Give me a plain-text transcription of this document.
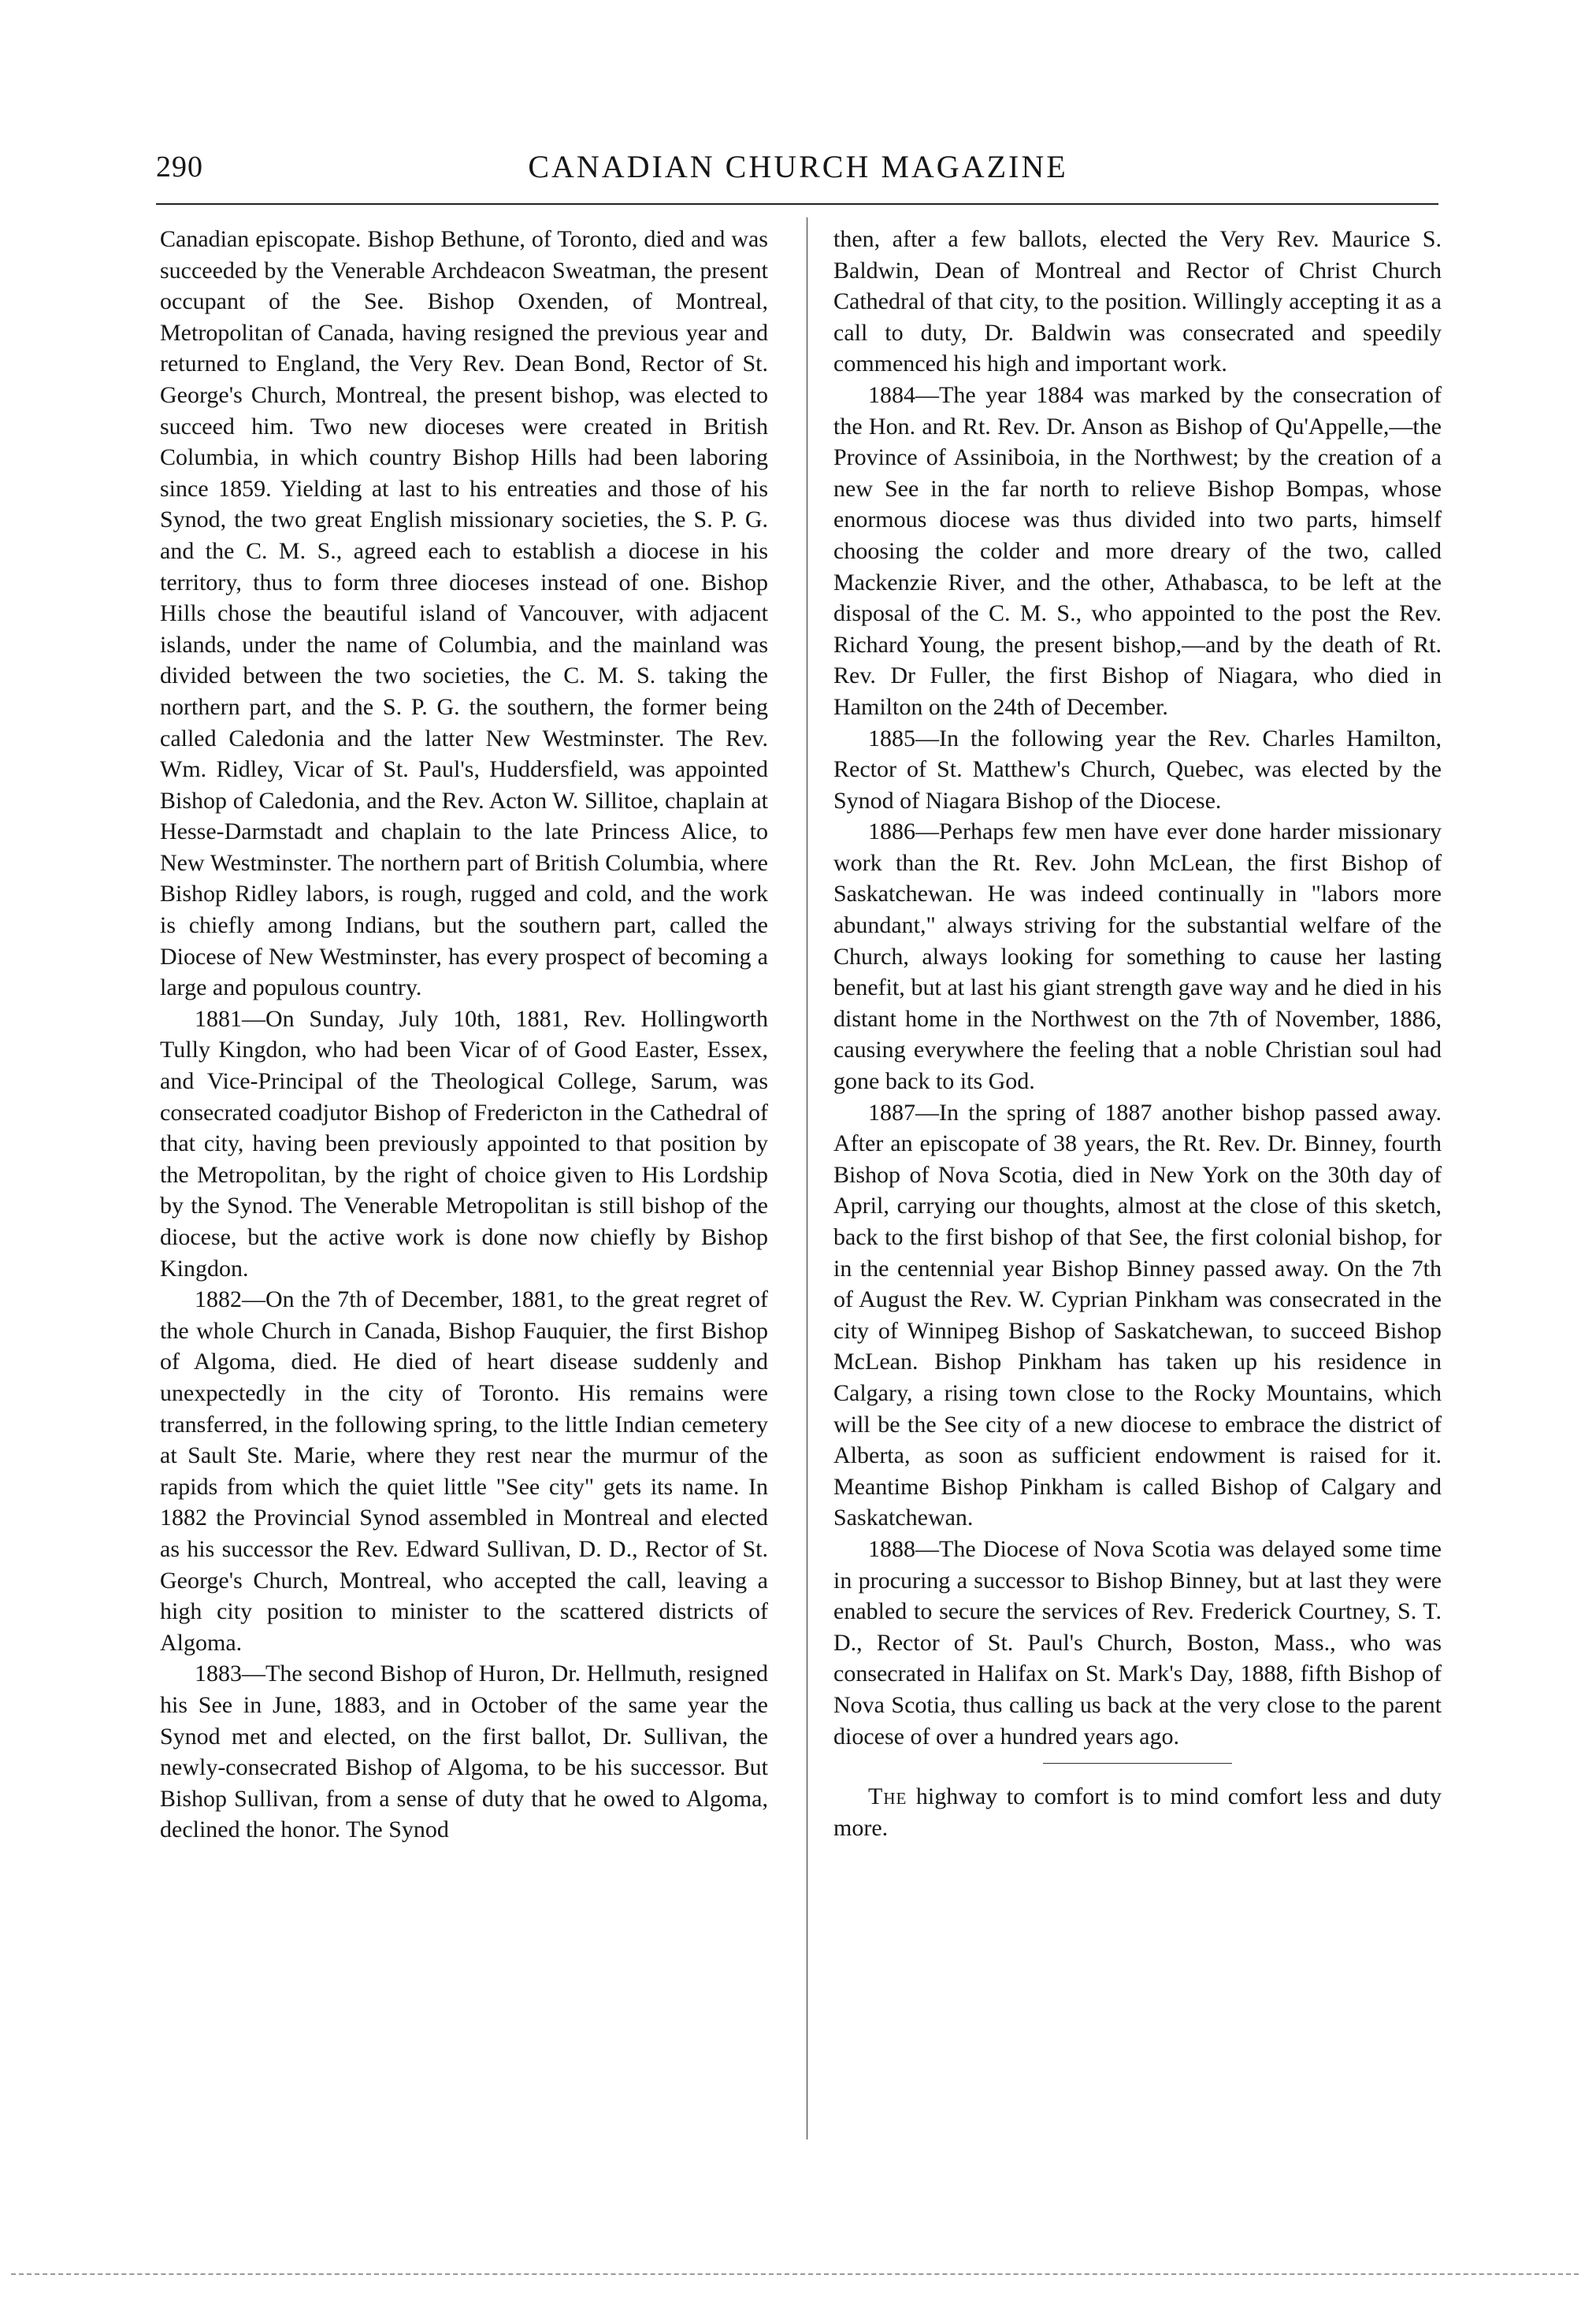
290	CANADIAN CHURCH MAGAZINE

Canadian episcopate. Bishop Bethune, of Toronto, died and was succeeded by the Venerable Archdeacon Sweatman, the present occupant of the See. Bishop Oxenden, of Montreal, Metropolitan of Canada, having resigned the previous year and returned to England, the Very Rev. Dean Bond, Rector of St. George's Church, Montreal, the present bishop, was elected to succeed him. Two new dioceses were created in British Columbia, in which country Bishop Hills had been laboring since 1859. Yielding at last to his entreaties and those of his Synod, the two great English missionary societies, the S. P. G. and the C. M. S., agreed each to establish a diocese in his territory, thus to form three dioceses instead of one. Bishop Hills chose the beautiful island of Vancouver, with adjacent islands, under the name of Columbia, and the mainland was divided between the two societies, the C. M. S. taking the northern part, and the S. P. G. the southern, the former being called Caledonia and the latter New Westminster. The Rev. Wm. Ridley, Vicar of St. Paul's, Huddersfield, was appointed Bishop of Caledonia, and the Rev. Acton W. Sillitoe, chaplain at Hesse-Darmstadt and chaplain to the late Princess Alice, to New Westminster. The northern part of British Columbia, where Bishop Ridley labors, is rough, rugged and cold, and the work is chiefly among Indians, but the southern part, called the Diocese of New Westminster, has every prospect of becoming a large and populous country.

1881—On Sunday, July 10th, 1881, Rev. Hollingworth Tully Kingdon, who had been Vicar of of Good Easter, Essex, and Vice-Principal of the Theological College, Sarum, was consecrated coadjutor Bishop of Fredericton in the Cathedral of that city, having been previously appointed to that position by the Metropolitan, by the right of choice given to His Lordship by the Synod. The Venerable Metropolitan is still bishop of the diocese, but the active work is done now chiefly by Bishop Kingdon.

1882—On the 7th of December, 1881, to the great regret of the whole Church in Canada, Bishop Fauquier, the first Bishop of Algoma, died. He died of heart disease suddenly and unexpectedly in the city of Toronto. His remains were transferred, in the following spring, to the little Indian cemetery at Sault Ste. Marie, where they rest near the murmur of the rapids from which the quiet little "See city" gets its name. In 1882 the Provincial Synod assembled in Montreal and elected as his successor the Rev. Edward Sullivan, D. D., Rector of St. George's Church, Montreal, who accepted the call, leaving a high city position to minister to the scattered districts of Algoma.

1883—The second Bishop of Huron, Dr. Hellmuth, resigned his See in June, 1883, and in October of the same year the Synod met and elected, on the first ballot, Dr. Sullivan, the newly-consecrated Bishop of Algoma, to be his successor. But Bishop Sullivan, from a sense of duty that he owed to Algoma, declined the honor. The Synod

then, after a few ballots, elected the Very Rev. Maurice S. Baldwin, Dean of Montreal and Rector of Christ Church Cathedral of that city, to the position. Willingly accepting it as a call to duty, Dr. Baldwin was consecrated and speedily commenced his high and important work.

1884—The year 1884 was marked by the consecration of the Hon. and Rt. Rev. Dr. Anson as Bishop of Qu'Appelle,—the Province of Assiniboia, in the Northwest; by the creation of a new See in the far north to relieve Bishop Bompas, whose enormous diocese was thus divided into two parts, himself choosing the colder and more dreary of the two, called Mackenzie River, and the other, Athabasca, to be left at the disposal of the C. M. S., who appointed to the post the Rev. Richard Young, the present bishop,—and by the death of Rt. Rev. Dr Fuller, the first Bishop of Niagara, who died in Hamilton on the 24th of December.

1885—In the following year the Rev. Charles Hamilton, Rector of St. Matthew's Church, Quebec, was elected by the Synod of Niagara Bishop of the Diocese.

1886—Perhaps few men have ever done harder missionary work than the Rt. Rev. John McLean, the first Bishop of Saskatchewan. He was indeed continually in "labors more abundant," always striving for the substantial welfare of the Church, always looking for something to cause her lasting benefit, but at last his giant strength gave way and he died in his distant home in the Northwest on the 7th of November, 1886, causing everywhere the feeling that a noble Christian soul had gone back to its God.

1887—In the spring of 1887 another bishop passed away. After an episcopate of 38 years, the Rt. Rev. Dr. Binney, fourth Bishop of Nova Scotia, died in New York on the 30th day of April, carrying our thoughts, almost at the close of this sketch, back to the first bishop of that See, the first colonial bishop, for in the centennial year Bishop Binney passed away. On the 7th of August the Rev. W. Cyprian Pinkham was consecrated in the city of Winnipeg Bishop of Saskatchewan, to succeed Bishop McLean. Bishop Pinkham has taken up his residence in Calgary, a rising town close to the Rocky Mountains, which will be the See city of a new diocese to embrace the district of Alberta, as soon as sufficient endowment is raised for it. Meantime Bishop Pinkham is called Bishop of Calgary and Saskatchewan.

1888—The Diocese of Nova Scotia was delayed some time in procuring a successor to Bishop Binney, but at last they were enabled to secure the services of Rev. Frederick Courtney, S. T. D., Rector of St. Paul's Church, Boston, Mass., who was consecrated in Halifax on St. Mark's Day, 1888, fifth Bishop of Nova Scotia, thus calling us back at the very close to the parent diocese of over a hundred years ago.

The highway to comfort is to mind comfort less and duty more.
